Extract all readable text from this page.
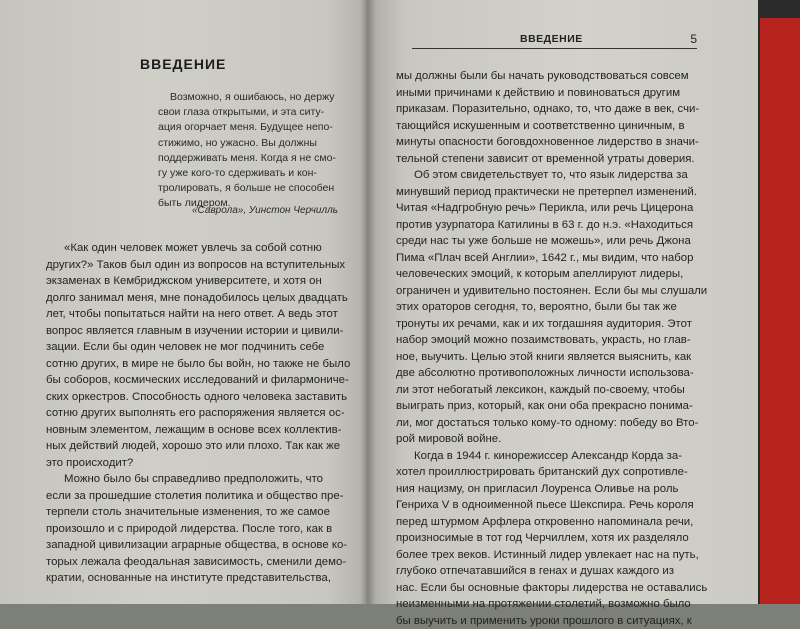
ВВЕДЕНИЕ

Возможно, я ошибаюсь, но держу
свои глаза открытыми, и эта ситу-
ация огорчает меня. Будущее непо-
стижимо, но ужасно. Вы должны
поддерживать меня. Когда я не смо-
гу уже кого-то сдерживать и кон-
тролировать, я больше не способен
быть лидером.

«Саврола», Уинстон Черчилль

«Как один человек может увлечь за собой сотню
других?» Таков был один из вопросов на вступительных
экзаменах в Кембриджском университете, и хотя он
долго занимал меня, мне понадобилось целых двадцать
лет, чтобы попытаться найти на него ответ. А ведь этот
вопрос является главным в изучении истории и цивили-
зации. Если бы один человек не мог подчинить себе
сотню других, в мире не было бы войн, но также не было
бы соборов, космических исследований и филармониче-
ских оркестров. Способность одного человека заставить
сотню других выполнять его распоряжения является ос-
новным элементом, лежащим в основе всех коллектив-
ных действий людей, хорошо это или плохо. Так как же
это происходит?
Можно было бы справедливо предположить, что
если за прошедшие столетия политика и общество пре-
терпели столь значительные изменения, то же самое
произошло и с природой лидерства. После того, как в
западной цивилизации аграрные общества, в основе ко-
торых лежала феодальная зависимость, сменили демо-
кратии, основанные на институте представительства,

ВВЕДЕНИЕ	5

мы должны были бы начать руководствоваться совсем
иными причинами к действию и повиноваться другим
приказам. Поразительно, однако, то, что даже в век, счи-
тающийся искушенным и соответственно циничным, в
минуты опасности боговдохновенное лидерство в значи-
тельной степени зависит от временной утраты доверия.
Об этом свидетельствует то, что язык лидерства за
минувший период практически не претерпел изменений.
Читая «Надгробную речь» Перикла, или речь Цицерона
против узурпатора Катилины в 63 г. до н.э. «Находиться
среди нас ты уже больше не можешь», или речь Джона
Пима «Плач всей Англии», 1642 г., мы видим, что набор
человеческих эмоций, к которым апеллируют лидеры,
ограничен и удивительно постоянен. Если бы мы слушали
этих ораторов сегодня, то, вероятно, были бы так же
тронуты их речами, как и их тогдашняя аудитория. Этот
набор эмоций можно позаимствовать, украсть, но глав-
ное, выучить. Целью этой книги является выяснить, как
две абсолютно противоположных личности использова-
ли этот небогатый лексикон, каждый по-своему, чтобы
выиграть приз, который, как они оба прекрасно понима-
ли, мог достаться только кому-то одному: победу во Вто-
рой мировой войне.
Когда в 1944 г. кинорежиссер Александр Корда за-
хотел проиллюстрировать британский дух сопротивле-
ния нацизму, он пригласил Лоуренса Оливье на роль
Генриха V в одноименной пьесе Шекспира. Речь короля
перед штурмом Арфлера откровенно напоминала речи,
произносимые в тот год Черчиллем, хотя их разделяло
более трех веков. Истинный лидер увлекает нас на путь,
глубоко отпечатавшийся в генах и душах каждого из
нас. Если бы основные факторы лидерства не оставались
неизменными на протяжении столетий, возможно было
бы выучить и применить уроки прошлого в ситуациях, к
